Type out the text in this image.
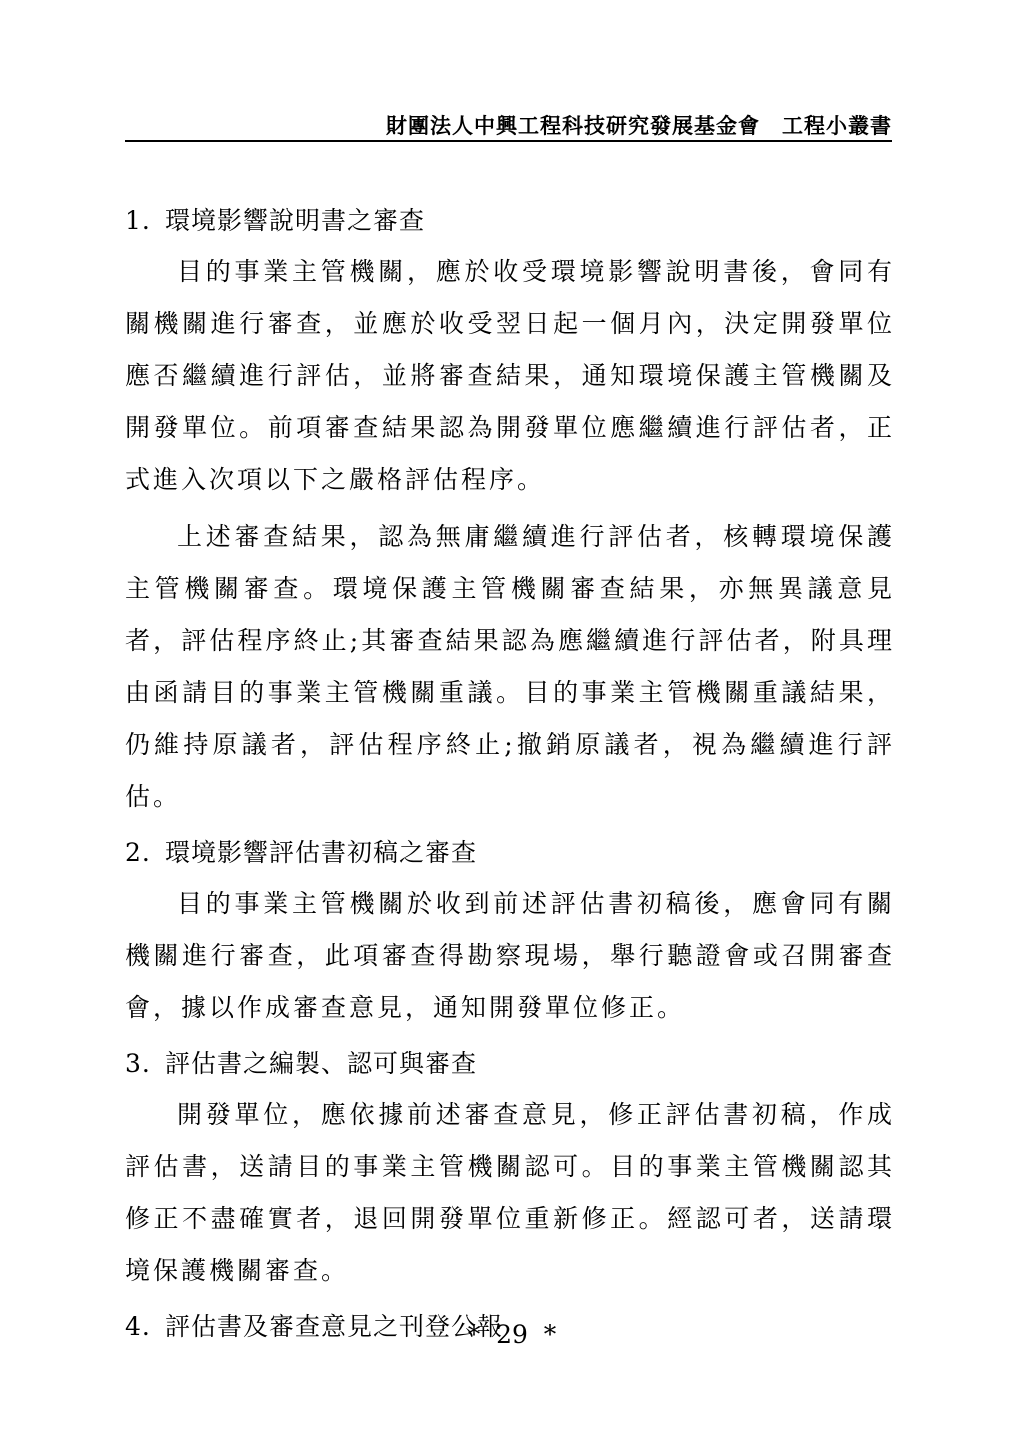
財團法人中興工程科技研究發展基金會 工程小叢書
1. 環境影響說明書之審查

目的事業主管機關，應於收受環境影響說明書後，會同有關機關進行審查，並應於收受翌日起一個月內，決定開發單位應否繼續進行評估，並將審查結果，通知環境保護主管機關及開發單位。前項審查結果認為開發單位應繼續進行評估者，正式進入次項以下之嚴格評估程序。

上述審查結果，認為無庸繼續進行評估者，核轉環境保護主管機關審查。環境保護主管機關審查結果，亦無異議意見者，評估程序終止;其審查結果認為應繼續進行評估者，附具理由函請目的事業主管機關重議。目的事業主管機關重議結果，仍維持原議者，評估程序終止;撤銷原議者，視為繼續進行評估。

2. 環境影響評估書初稿之審查

目的事業主管機關於收到前述評估書初稿後，應會同有關機關進行審查，此項審查得勘察現場，舉行聽證會或召開審查會，據以作成審查意見，通知開發單位修正。

3. 評估書之編製、認可與審查

開發單位，應依據前述審查意見，修正評估書初稿，作成評估書，送請目的事業主管機關認可。目的事業主管機關認其修正不盡確實者，退回開發單位重新修正。經認可者，送請環境保護機關審查。

4. 評估書及審查意見之刊登公報
*  29  *
